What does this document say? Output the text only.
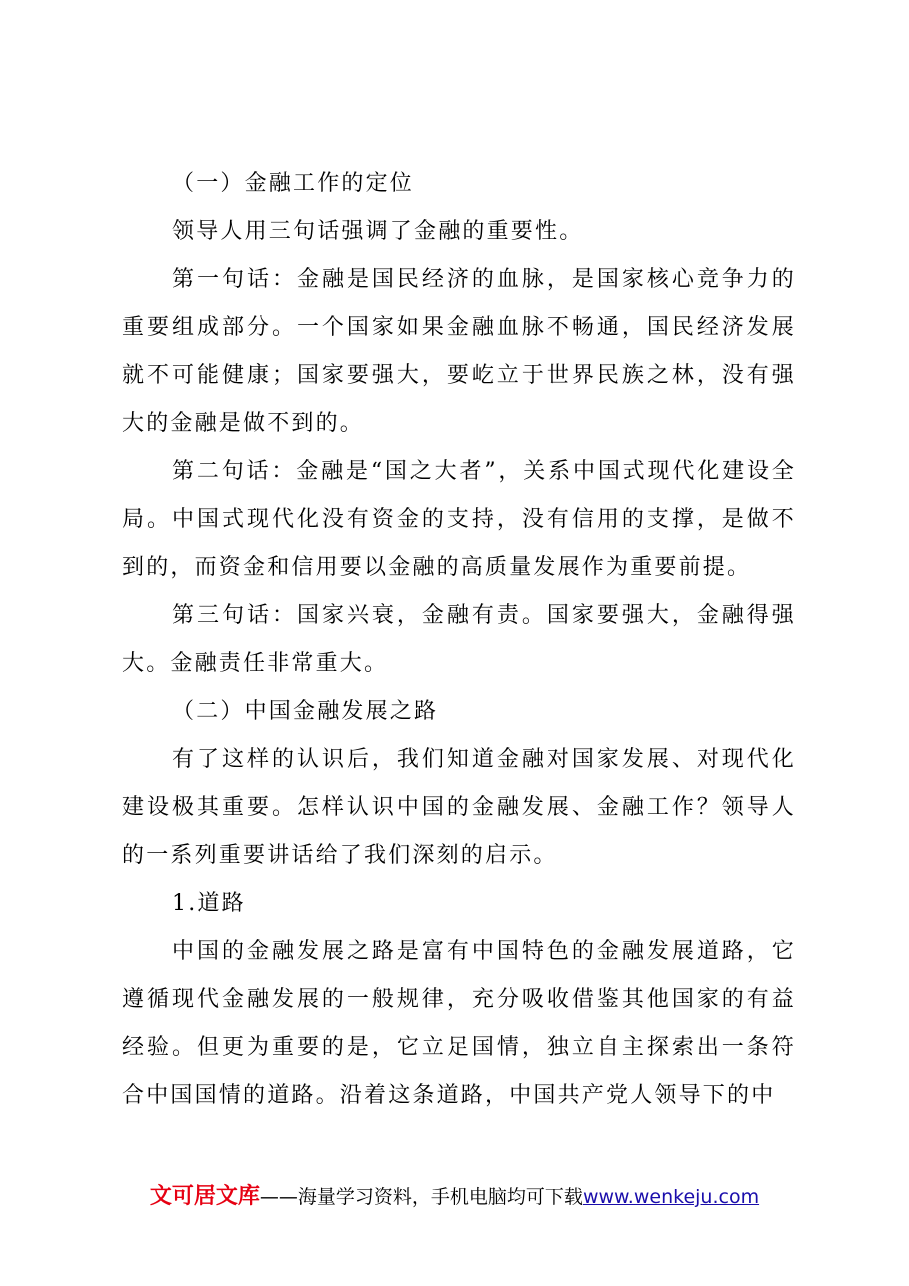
（一）金融工作的定位

领导人用三句话强调了金融的重要性。

第一句话：金融是国民经济的血脉，是国家核心竞争力的重要组成部分。一个国家如果金融血脉不畅通，国民经济发展就不可能健康；国家要强大，要屹立于世界民族之林，没有强大的金融是做不到的。

第二句话：金融是“国之大者”，关系中国式现代化建设全局。中国式现代化没有资金的支持，没有信用的支撑，是做不到的，而资金和信用要以金融的高质量发展作为重要前提。

第三句话：国家兴衰，金融有责。国家要强大，金融得强大。金融责任非常重大。

（二）中国金融发展之路

有了这样的认识后，我们知道金融对国家发展、对现代化建设极其重要。怎样认识中国的金融发展、金融工作？领导人的一系列重要讲话给了我们深刻的启示。

1.道路

中国的金融发展之路是富有中国特色的金融发展道路，它遵循现代金融发展的一般规律，充分吸收借鉴其他国家的有益经验。但更为重要的是，它立足国情，独立自主探索出一条符合中国国情的道路。沿着这条道路，中国共产党人领导下的中

文可居文库——海量学习资料，手机电脑均可下载www.wenkeju.com
